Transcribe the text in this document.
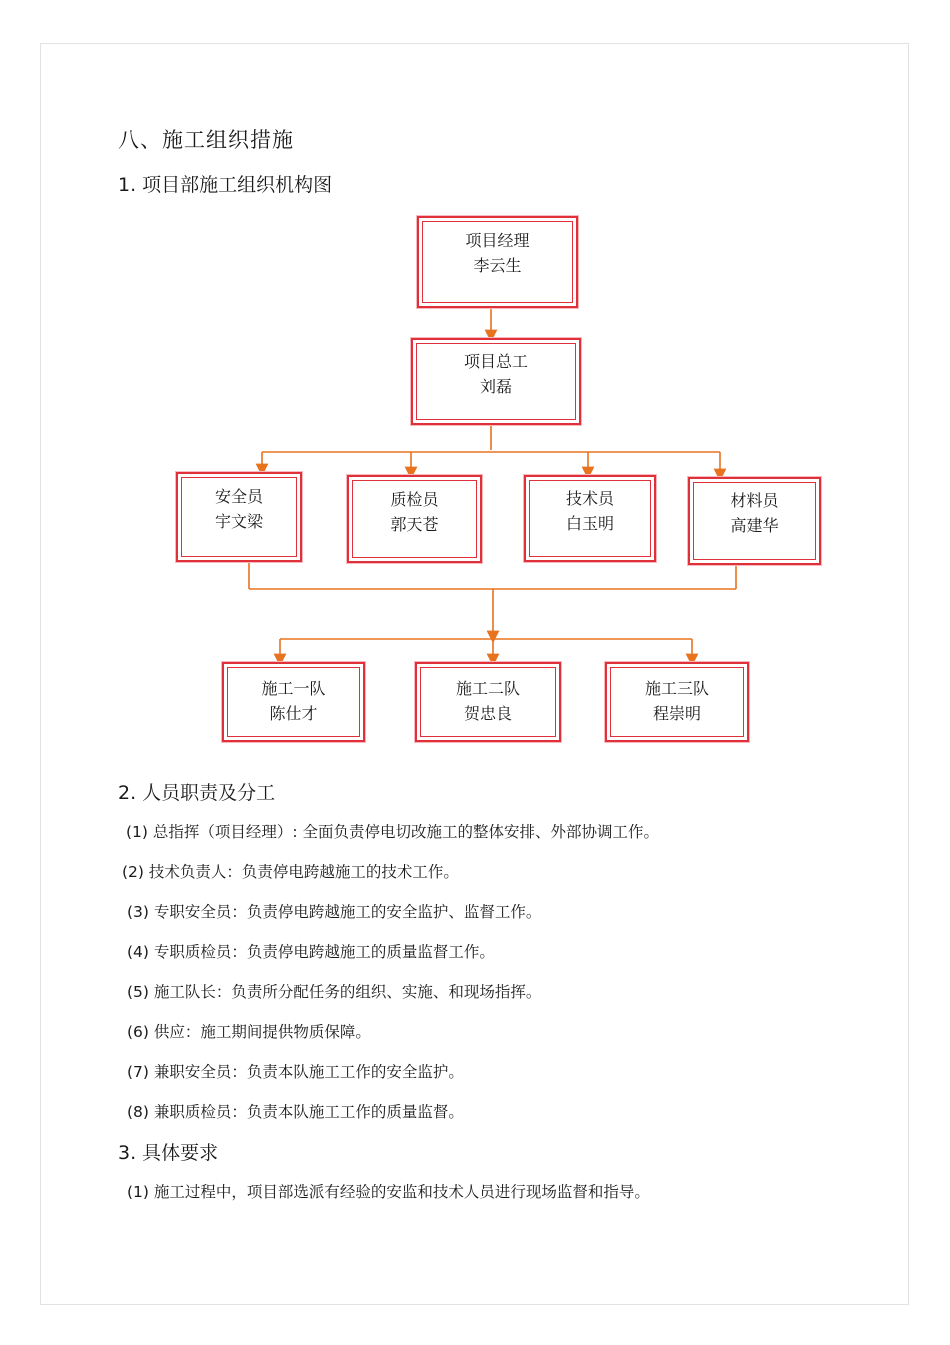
八、施工组织措施
1. 项目部施工组织机构图
项目经理
李云生
项目总工
刘磊
安全员
宇文梁
质检员
郭天苍
技术员
白玉明
材料员
高建华
施工一队
陈仕才
施工二队
贺忠良
施工三队
程崇明
2. 人员职责及分工
(1) 总指挥（项目经理）: 全面负责停电切改施工的整体安排、外部协调工作。
(2) 技术负责人：负责停电跨越施工的技术工作。
(3) 专职安全员：负责停电跨越施工的安全监护、监督工作。
(4) 专职质检员：负责停电跨越施工的质量监督工作。
(5) 施工队长：负责所分配任务的组织、实施、和现场指挥。
(6) 供应：施工期间提供物质保障。
(7) 兼职安全员：负责本队施工工作的安全监护。
(8) 兼职质检员：负责本队施工工作的质量监督。
3. 具体要求
(1) 施工过程中，项目部选派有经验的安监和技术人员进行现场监督和指导。
